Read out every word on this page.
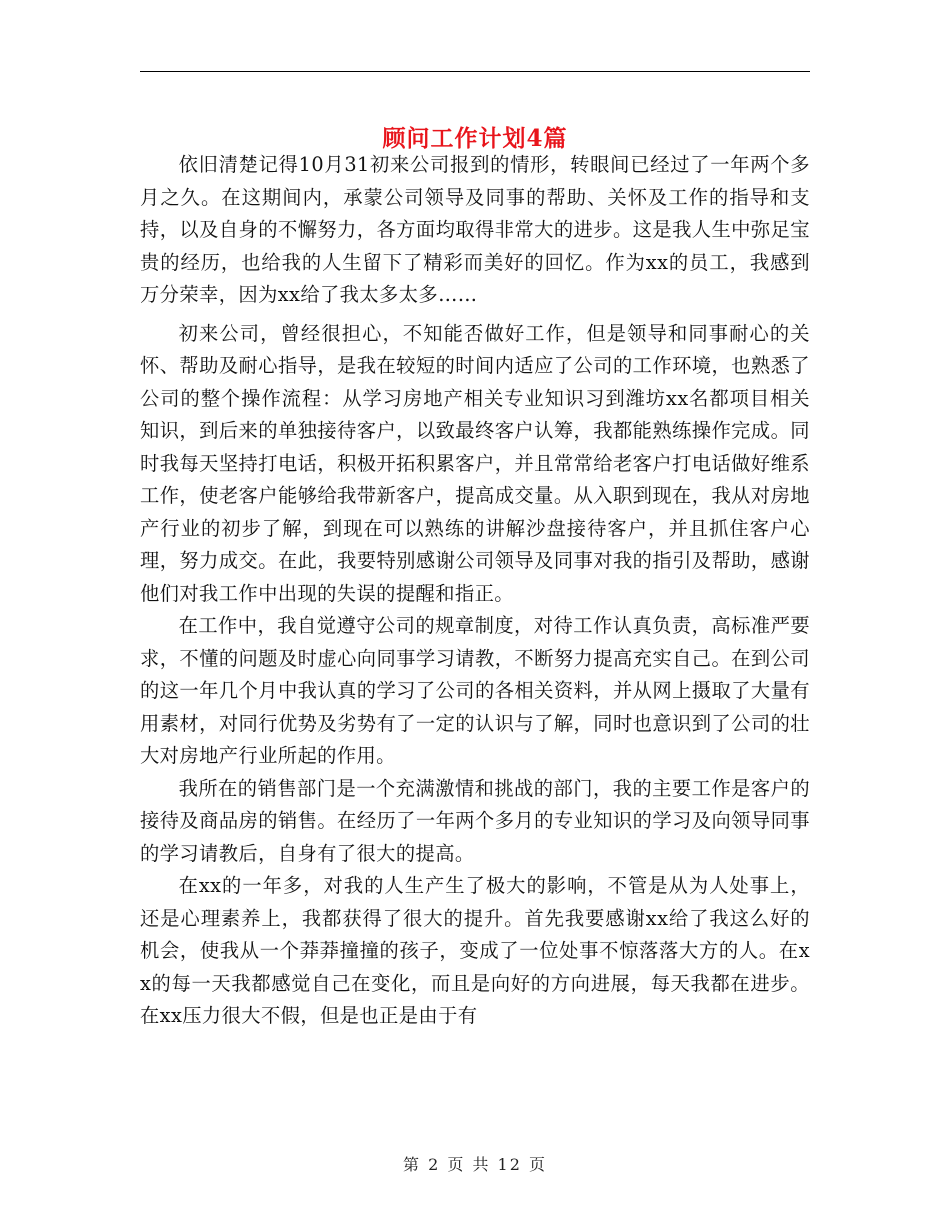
顾问工作计划4篇

依旧清楚记得10月31初来公司报到的情形，转眼间已经过了一年两个多月之久。在这期间内，承蒙公司领导及同事的帮助、关怀及工作的指导和支持，以及自身的不懈努力，各方面均取得非常大的进步。这是我人生中弥足宝贵的经历，也给我的人生留下了精彩而美好的回忆。作为xx的员工，我感到万分荣幸，因为xx给了我太多太多……

初来公司，曾经很担心，不知能否做好工作，但是领导和同事耐心的关怀、帮助及耐心指导，是我在较短的时间内适应了公司的工作环境，也熟悉了公司的整个操作流程：从学习房地产相关专业知识习到潍坊xx名都项目相关知识，到后来的单独接待客户，以致最终客户认筹，我都能熟练操作完成。同时我每天坚持打电话，积极开拓积累客户，并且常常给老客户打电话做好维系工作，使老客户能够给我带新客户，提高成交量。从入职到现在，我从对房地产行业的初步了解，到现在可以熟练的讲解沙盘接待客户，并且抓住客户心理，努力成交。在此，我要特别感谢公司领导及同事对我的指引及帮助，感谢他们对我工作中出现的失误的提醒和指正。

在工作中，我自觉遵守公司的规章制度，对待工作认真负责，高标准严要求，不懂的问题及时虚心向同事学习请教，不断努力提高充实自己。在到公司的这一年几个月中我认真的学习了公司的各相关资料，并从网上摄取了大量有用素材，对同行优势及劣势有了一定的认识与了解，同时也意识到了公司的壮大对房地产行业所起的作用。

我所在的销售部门是一个充满激情和挑战的部门，我的主要工作是客户的接待及商品房的销售。在经历了一年两个多月的专业知识的学习及向领导同事的学习请教后，自身有了很大的提高。

在xx的一年多，对我的人生产生了极大的影响，不管是从为人处事上，还是心理素养上，我都获得了很大的提升。首先我要感谢xx给了我这么好的机会，使我从一个莽莽撞撞的孩子，变成了一位处事不惊落落大方的人。在xx的每一天我都感觉自己在变化，而且是向好的方向进展，每天我都在进步。在xx压力很大不假，但是也正是由于有

第 2 页 共 12 页
